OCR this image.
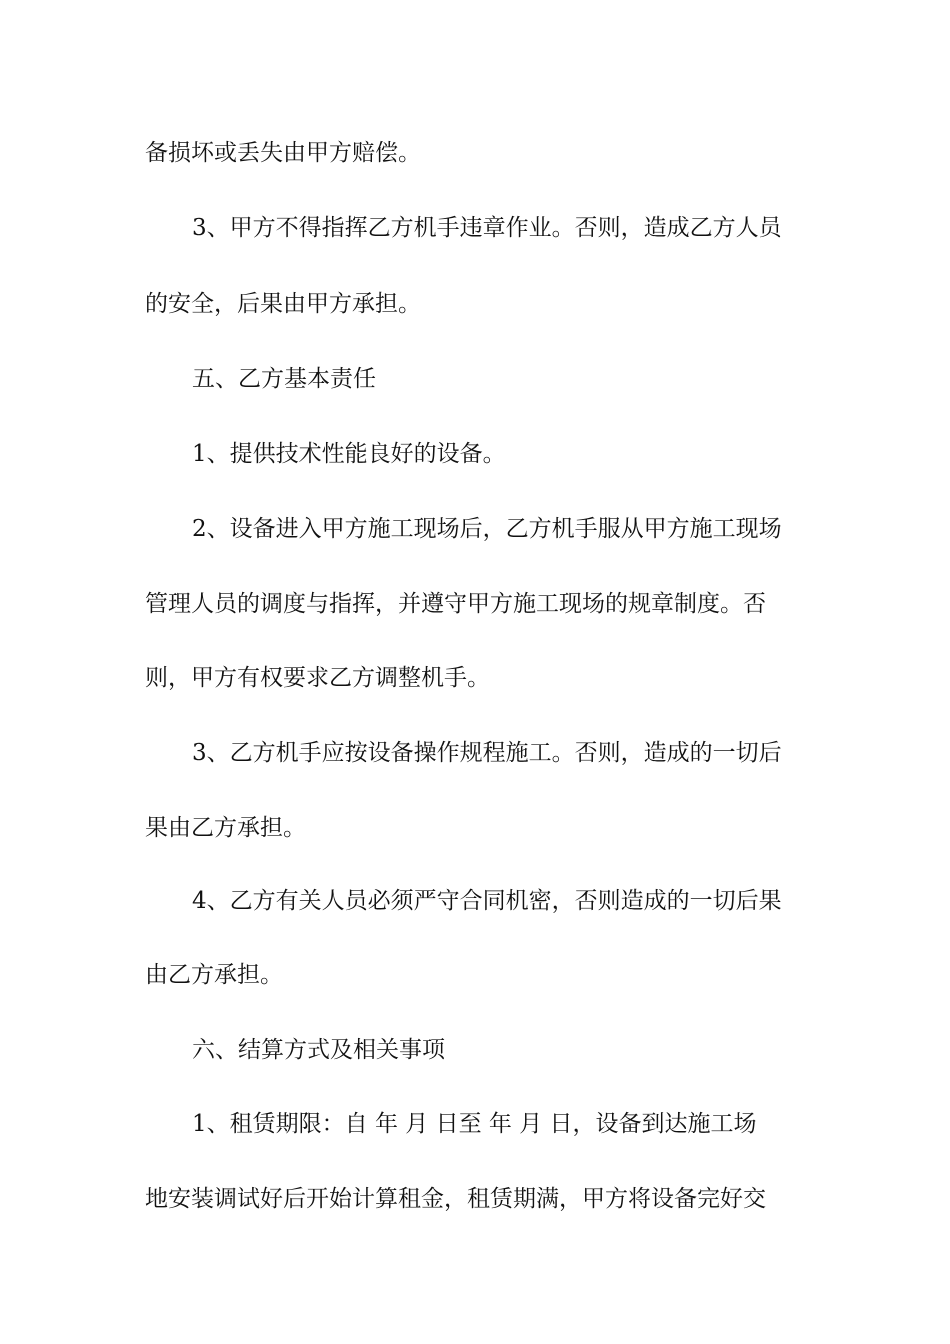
备损坏或丢失由甲方赔偿。
3、甲方不得指挥乙方机手违章作业。否则，造成乙方人员
的安全，后果由甲方承担。
五、乙方基本责任
1、提供技术性能良好的设备。
2、设备进入甲方施工现场后，乙方机手服从甲方施工现场
管理人员的调度与指挥，并遵守甲方施工现场的规章制度。否
则，甲方有权要求乙方调整机手。
3、乙方机手应按设备操作规程施工。否则，造成的一切后
果由乙方承担。
4、乙方有关人员必须严守合同机密，否则造成的一切后果
由乙方承担。
六、结算方式及相关事项
1、租赁期限：自 年 月 日至 年 月 日，设备到达施工场
地安装调试好后开始计算租金，租赁期满，甲方将设备完好交
